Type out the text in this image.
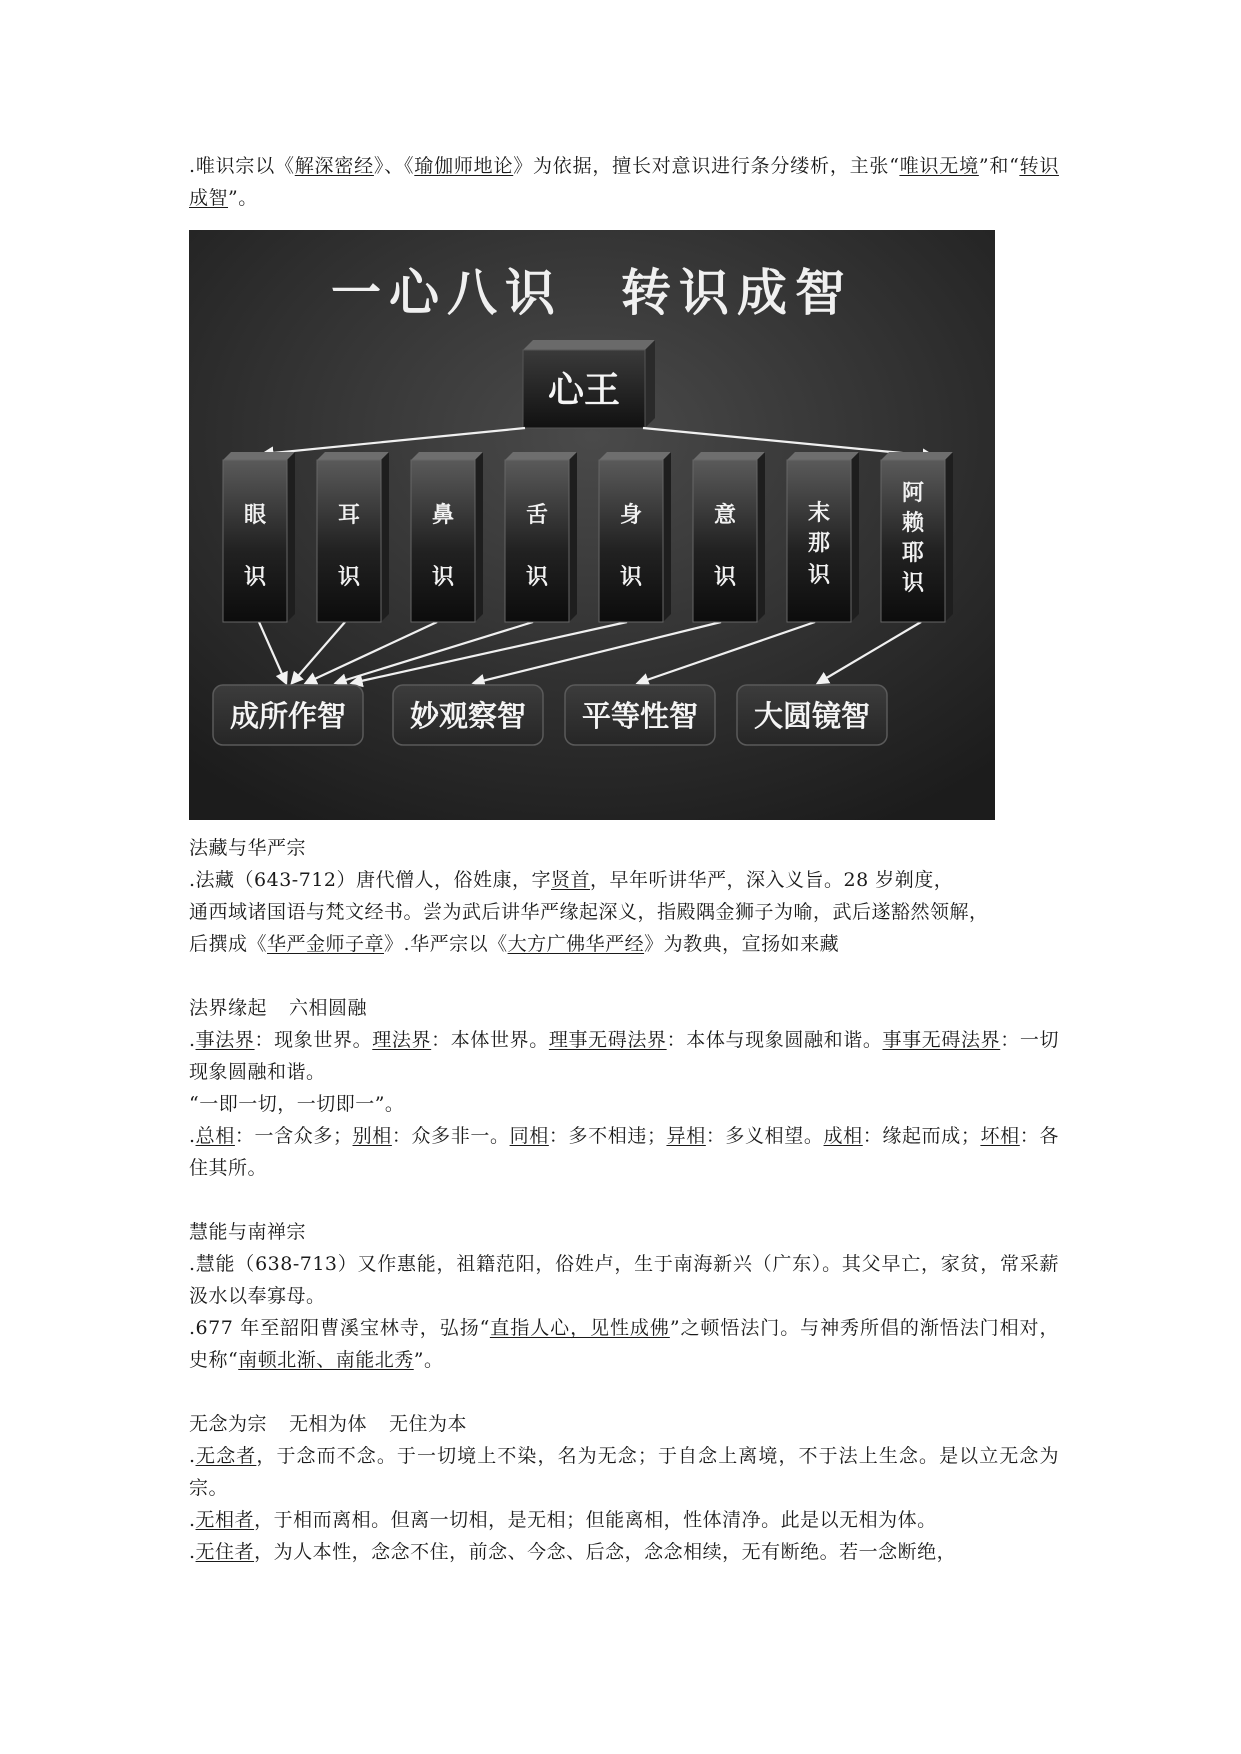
.唯识宗以《解深密经》、《瑜伽师地论》为依据，擅长对意识进行条分缕析，主张“唯识无境”和“转识成智”。

一心八识　转识成智
心王
眼
识
耳
识
鼻
识
舌
识
身
识
意
识
末
那
识
阿
赖
耶
识
成所作智 妙观察智 平等性智 大圆镜智

法藏与华严宗

.法藏（643-712）唐代僧人，俗姓康，字贤首，早年听讲华严，深入义旨。28 岁剃度，

通西域诸国语与梵文经书。尝为武后讲华严缘起深义，指殿隅金狮子为喻，武后遂豁然领解，

后撰成《华严金师子章》.华严宗以《大方广佛华严经》为教典，宣扬如来藏

法界缘起 六相圆融

.事法界：现象世界。理法界：本体世界。理事无碍法界：本体与现象圆融和谐。事事无碍法界：一切现象圆融和谐。

“一即一切，一切即一”。

.总相：一含众多；别相：众多非一。同相：多不相违；异相：多义相望。成相：缘起而成；坏相：各住其所。

慧能与南禅宗

.慧能（638-713）又作惠能，祖籍范阳，俗姓卢，生于南海新兴（广东）。其父早亡，家贫，常采薪汲水以奉寡母。

.677 年至韶阳曹溪宝林寺，弘扬“直指人心，见性成佛”之顿悟法门。与神秀所倡的渐悟法门相对，史称“南顿北渐、南能北秀”。

无念为宗 无相为体 无住为本

.无念者，于念而不念。于一切境上不染，名为无念；于自念上离境，不于法上生念。是以立无念为宗。

.无相者，于相而离相。但离一切相，是无相；但能离相，性体清净。此是以无相为体。

.无住者，为人本性，念念不住，前念、今念、后念，念念相续，无有断绝。若一念断绝，
